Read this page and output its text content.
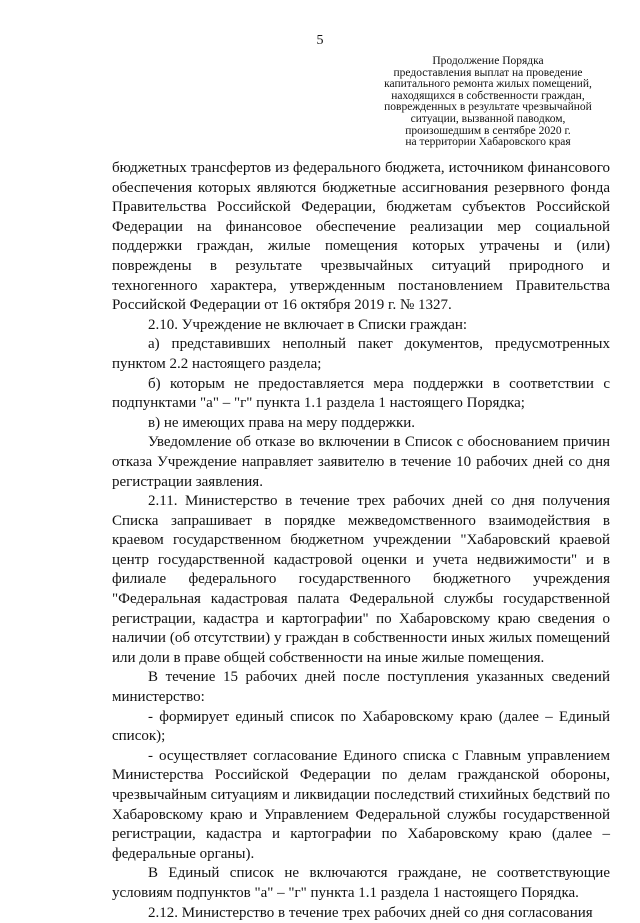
5
Продолжение Порядка
предоставления выплат на проведение
капитального ремонта жилых помещений,
находящихся в собственности граждан,
поврежденных в результате чрезвычайной
ситуации, вызванной паводком,
произошедшим в сентябре 2020 г.
на территории Хабаровского края

бюджетных трансфертов из федерального бюджета, источником финансового обеспечения которых являются бюджетные ассигнования резервного фонда Правительства Российской Федерации, бюджетам субъектов Российской Федерации на финансовое обеспечение реализации мер социальной поддержки граждан, жилые помещения которых утрачены и (или) повреждены в результате чрезвычайных ситуаций природного и техногенного характера, утвержденным постановлением Правительства Российской Федерации от 16 октября 2019 г. № 1327.

2.10. Учреждение не включает в Списки граждан:

а) представивших неполный пакет документов, предусмотренных пунктом 2.2 настоящего раздела;

б) которым не предоставляется мера поддержки в соответствии с подпунктами "а" – "г" пункта 1.1 раздела 1 настоящего Порядка;

в) не имеющих права на меру поддержки.

Уведомление об отказе во включении в Список с обоснованием причин отказа Учреждение направляет заявителю в течение 10 рабочих дней со дня регистрации заявления.

2.11. Министерство в течение трех рабочих дней со дня получения Списка запрашивает в порядке межведомственного взаимодействия в краевом государственном бюджетном учреждении "Хабаровский краевой центр государственной кадастровой оценки и учета недвижимости" и в филиале федерального государственного бюджетного учреждения "Федеральная кадастровая палата Федеральной службы государственной регистрации, кадастра и картографии" по Хабаровскому краю сведения о наличии (об отсутствии) у граждан в собственности иных жилых помещений или доли в праве общей собственности на иные жилые помещения.

В течение 15 рабочих дней после поступления указанных сведений министерство:

- формирует единый список по Хабаровскому краю (далее – Единый список);

- осуществляет согласование Единого списка с Главным управлением Министерства Российской Федерации по делам гражданской обороны, чрезвычайным ситуациям и ликвидации последствий стихийных бедствий по Хабаровскому краю и Управлением Федеральной службы государственной регистрации, кадастра и картографии по Хабаровскому краю (далее – федеральные органы).

В Единый список не включаются граждане, не соответствующие условиям подпунктов "а" – "г" пункта 1.1 раздела 1 настоящего Порядка.

2.12. Министерство в течение трех рабочих дней со дня согласования
